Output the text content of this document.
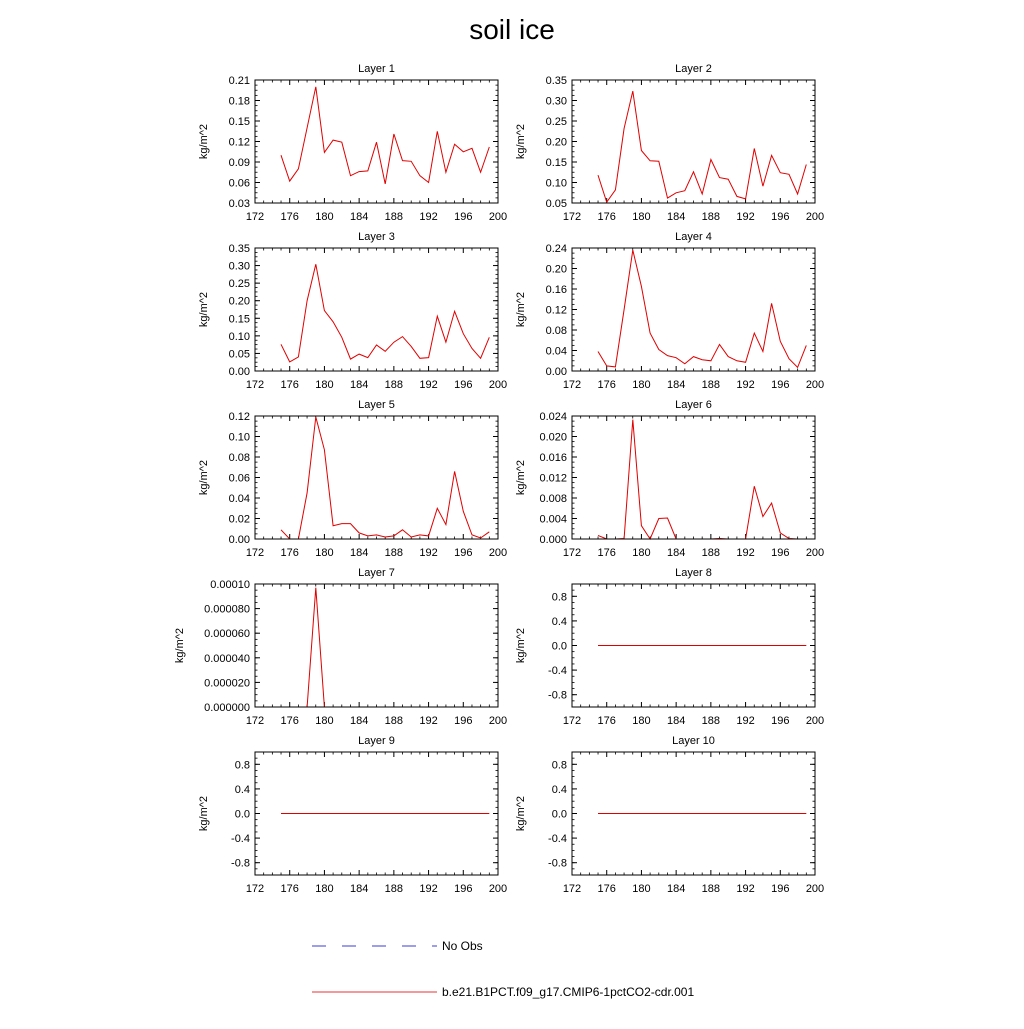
soil ice
Layer 1
172 176 180 184 188 192 196 200
0.03
0.06
0.09
0.12
0.15
0.18
0.21
kg/m^2
Layer 2
172 176 180 184 188 192 196 200
0.05
0.10
0.15
0.20
0.25
0.30
0.35
kg/m^2
Layer 3
172 176 180 184 188 192 196 200
0.00
0.05
0.10
0.15
0.20
0.25
0.30
0.35
kg/m^2
Layer 4
172 176 180 184 188 192 196 200
0.00
0.04
0.08
0.12
0.16
0.20
0.24
kg/m^2
Layer 5
172 176 180 184 188 192 196 200
0.00
0.02
0.04
0.06
0.08
0.10
0.12
kg/m^2
Layer 6
172 176 180 184 188 192 196 200
0.000
0.004
0.008
0.012
0.016
0.020
0.024
kg/m^2
Layer 7
172 176 180 184 188 192 196 200
0.000000
0.000020
0.000040
0.000060
0.000080
0.00010
kg/m^2
Layer 8
172 176 180 184 188 192 196 200
-0.8
-0.4
0.0
0.4
0.8
kg/m^2
Layer 9
172 176 180 184 188 192 196 200
-0.8
-0.4
0.0
0.4
0.8
kg/m^2
Layer 10
172 176 180 184 188 192 196 200
-0.8
-0.4
0.0
0.4
0.8
kg/m^2
No Obs
b.e21.B1PCT.f09_g17.CMIP6-1pctCO2-cdr.001
